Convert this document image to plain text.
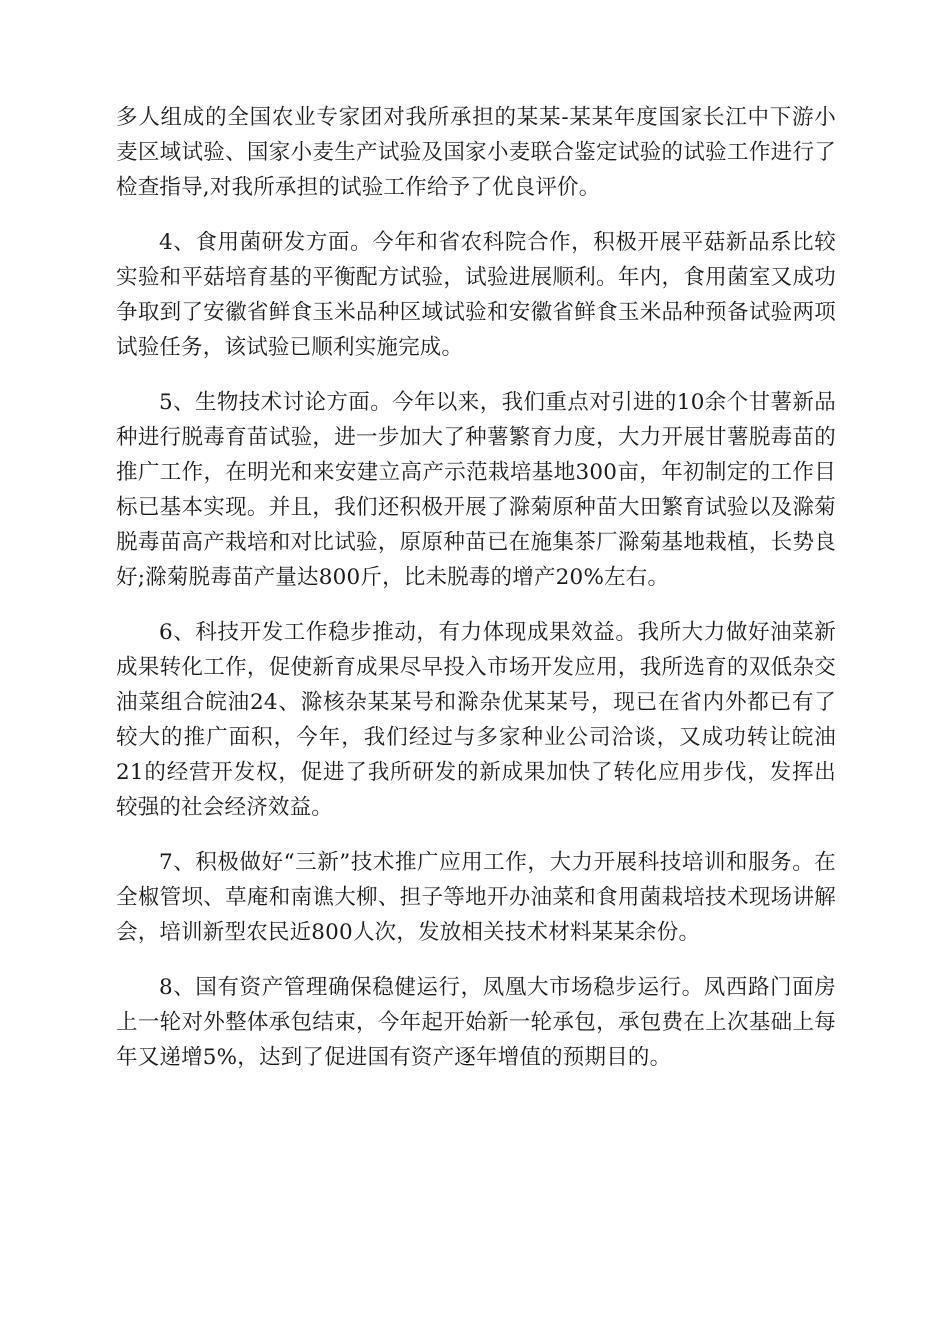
多人组成的全国农业专家团对我所承担的某某-某某年度国家长江中下游小麦区域试验、国家小麦生产试验及国家小麦联合鉴定试验的试验工作进行了检查指导,对我所承担的试验工作给予了优良评价。

4、食用菌研发方面。今年和省农科院合作，积极开展平菇新品系比较实验和平菇培育基的平衡配方试验，试验进展顺利。年内，食用菌室又成功争取到了安徽省鲜食玉米品种区域试验和安徽省鲜食玉米品种预备试验两项试验任务，该试验已顺利实施完成。

5、生物技术讨论方面。今年以来，我们重点对引进的10余个甘薯新品种进行脱毒育苗试验，进一步加大了种薯繁育力度，大力开展甘薯脱毒苗的推广工作，在明光和来安建立高产示范栽培基地300亩，年初制定的工作目标已基本实现。并且，我们还积极开展了滁菊原种苗大田繁育试验以及滁菊脱毒苗高产栽培和对比试验，原原种苗已在施集茶厂滁菊基地栽植，长势良好;滁菊脱毒苗产量达800斤，比未脱毒的增产20%左右。

6、科技开发工作稳步推动，有力体现成果效益。我所大力做好油菜新成果转化工作，促使新育成果尽早投入市场开发应用，我所选育的双低杂交油菜组合皖油24、滁核杂某某号和滁杂优某某号，现已在省内外都已有了较大的推广面积，今年，我们经过与多家种业公司洽谈，又成功转让皖油21的经营开发权，促进了我所研发的新成果加快了转化应用步伐，发挥出较强的社会经济效益。

7、积极做好“三新”技术推广应用工作，大力开展科技培训和服务。在全椒管坝、草庵和南谯大柳、担子等地开办油菜和食用菌栽培技术现场讲解会，培训新型农民近800人次，发放相关技术材料某某余份。

8、国有资产管理确保稳健运行，凤凰大市场稳步运行。凤西路门面房上一轮对外整体承包结束，今年起开始新一轮承包，承包费在上次基础上每年又递增5%，达到了促进国有资产逐年增值的预期目的。
